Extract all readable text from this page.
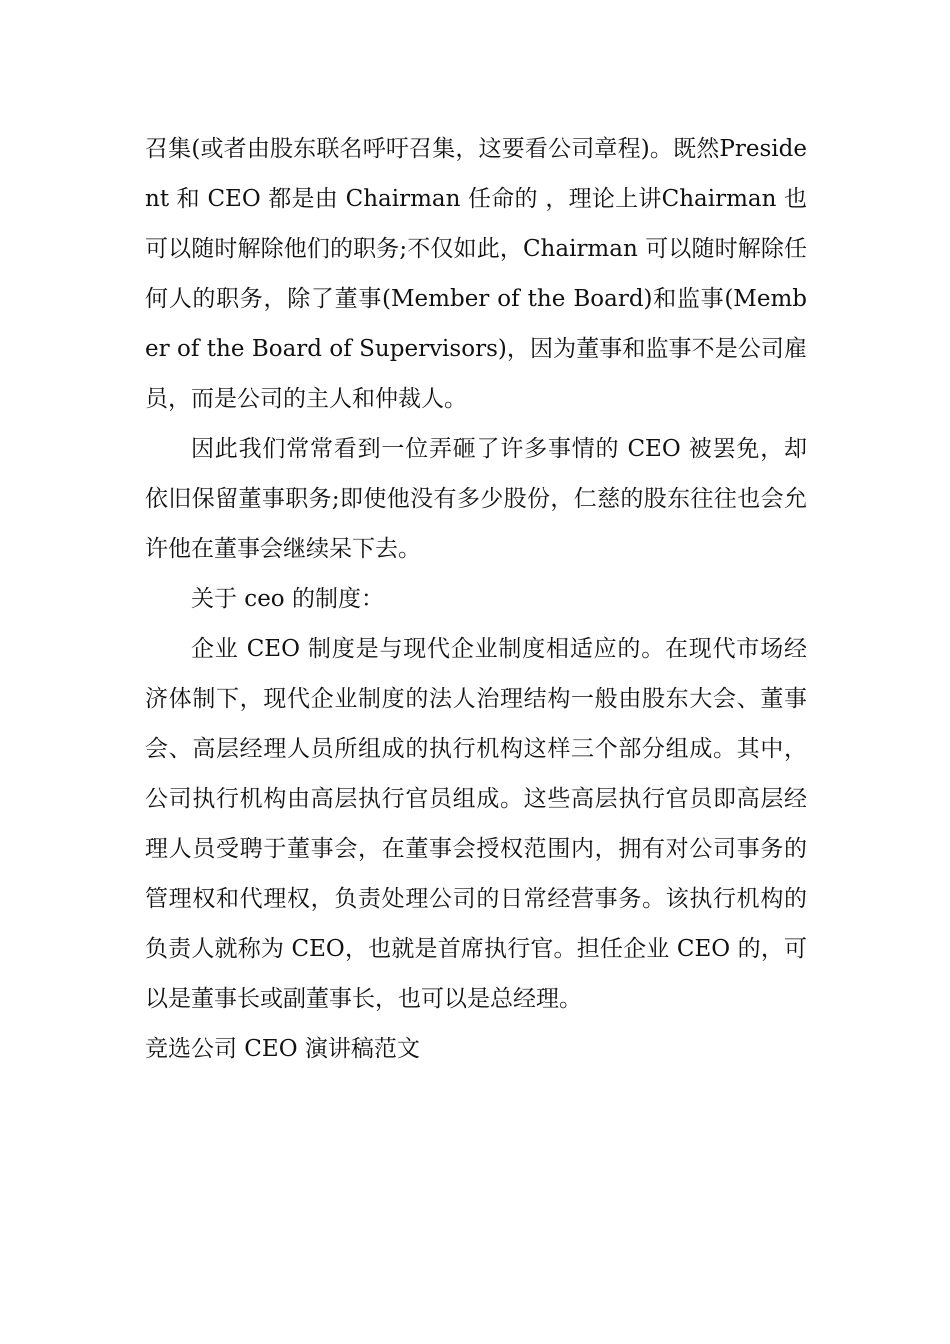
召集(或者由股东联名呼吁召集，这要看公司章程)。既然President 和 CEO 都是由 Chairman 任命的 ，理论上讲Chairman 也可以随时解除他们的职务;不仅如此，Chairman 可以随时解除任何人的职务，除了董事(Member of the Board)和监事(Member of the Board of Supervisors)，因为董事和监事不是公司雇员，而是公司的主人和仲裁人。

因此我们常常看到一位弄砸了许多事情的 CEO 被罢免，却依旧保留董事职务;即使他没有多少股份，仁慈的股东往往也会允许他在董事会继续呆下去。

关于 ceo 的制度：

企业 CEO 制度是与现代企业制度相适应的。在现代市场经济体制下，现代企业制度的法人治理结构一般由股东大会、董事会、高层经理人员所组成的执行机构这样三个部分组成。其中，公司执行机构由高层执行官员组成。这些高层执行官员即高层经理人员受聘于董事会，在董事会授权范围内，拥有对公司事务的管理权和代理权，负责处理公司的日常经营事务。该执行机构的负责人就称为 CEO，也就是首席执行官。担任企业 CEO 的，可以是董事长或副董事长，也可以是总经理。

竞选公司 CEO 演讲稿范文
